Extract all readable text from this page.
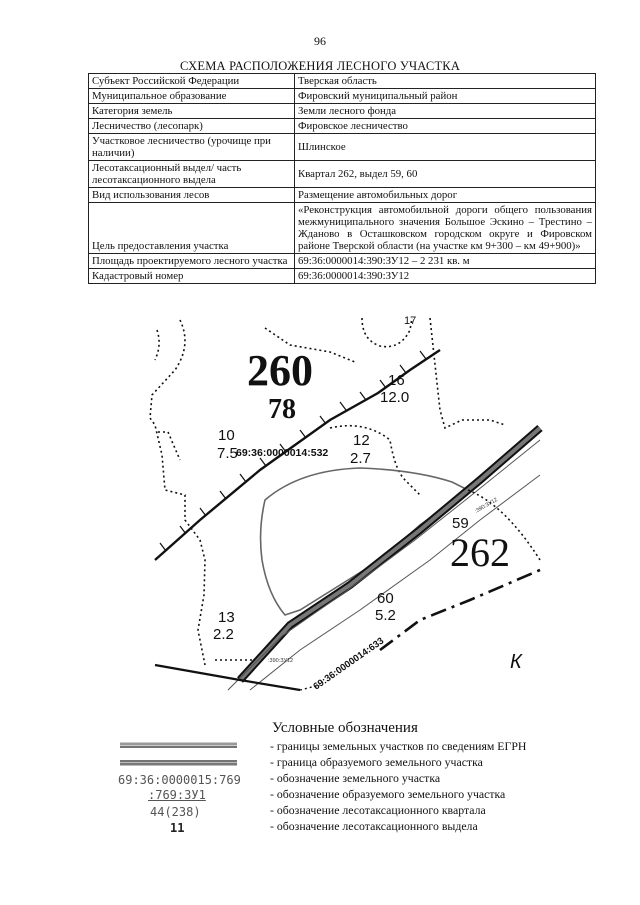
96
СХЕМА РАСПОЛОЖЕНИЯ ЛЕСНОГО УЧАСТКА
Субъект Российской Федерации	Тверская область
Муниципальное образование	Фировский муниципальный район
Категория земель	Земли лесного фонда
Лесничество (лесопарк)	Фировское лесничество
Участковое лесничество (урочище при наличии)	Шлинское
Лесотаксационный выдел/ часть лесотаксационного выдела	Квартал 262, выдел 59, 60
Вид использования лесов	Размещение автомобильных дорог
Цель предоставления участка	«Реконструкция автомобильной дороги общего пользования межмуниципального значения Большое Эскино – Трестино – Жданово в Осташковском городском округе и Фировском районе Тверской области (на участке км 9+300 – км 49+900)»
Площадь проектируемого лесного участка	69:36:0000014:390:ЗУ12 – 2 231 кв. м
Кадастровый номер	69:36:0000014:390:ЗУ12
260
78
262
16
12.0
10
7.5
12
2.7
13
2.2
59
60
5.2
17
К
69:36:0000014:532
69:36:0000014:633
:390:ЗУ12
:390:ЗУ12
69:36:0000015:769
:769:ЗУ1
44(238)
11
Условные обозначения
- границы земельных участков по сведениям ЕГРН
- граница образуемого земельного участка
- обозначение земельного участка
- обозначение образуемого земельного участка
- обозначение лесотаксационного квартала
- обозначение лесотаксационного выдела
